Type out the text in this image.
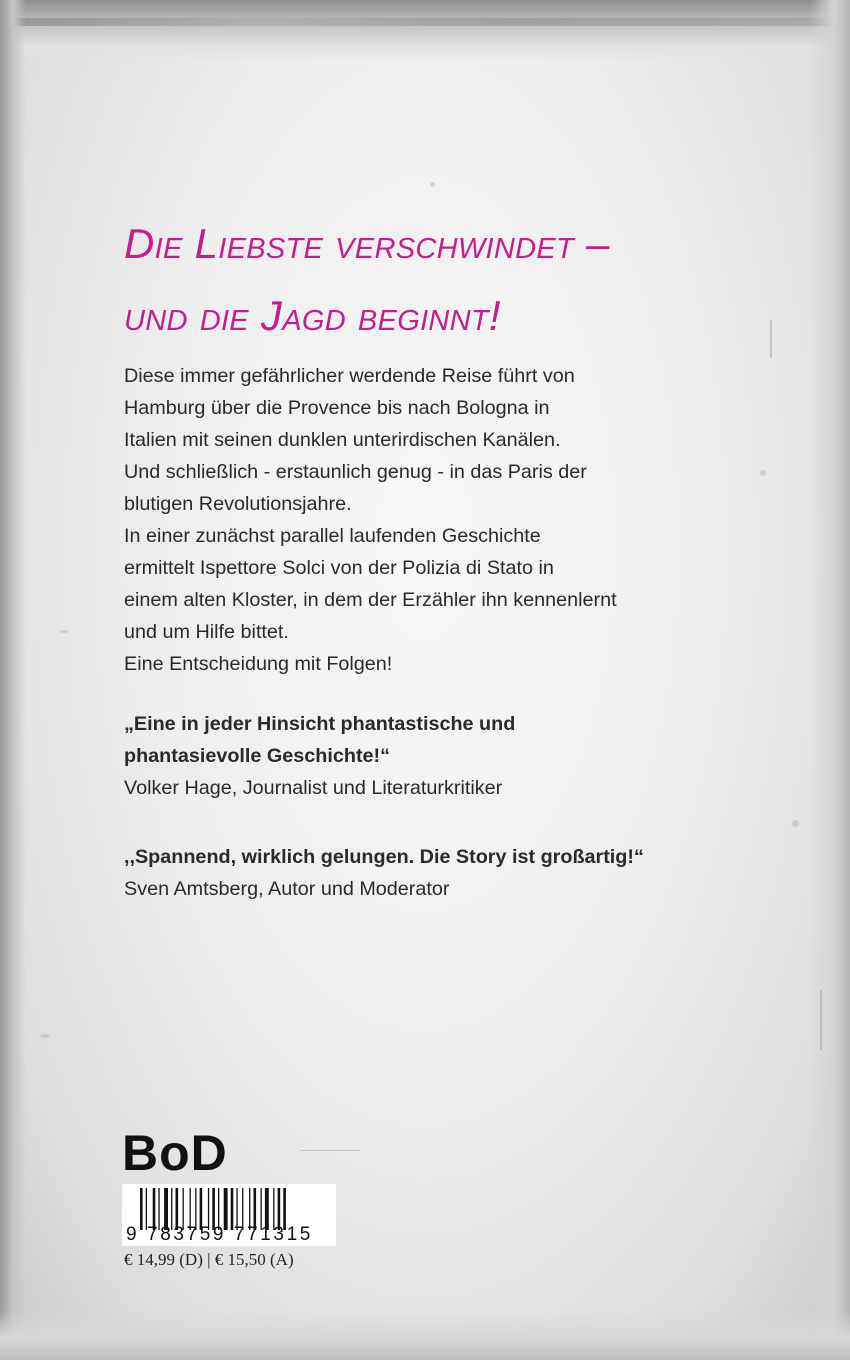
Die Liebste verschwindet –
und die Jagd beginnt!
Diese immer gefährlicher werdende Reise führt von
Hamburg über die Provence bis nach Bologna in
Italien mit seinen dunklen unterirdischen Kanälen.
Und schließlich - erstaunlich genug - in das Paris der
blutigen Revolutionsjahre.
In einer zunächst parallel laufenden Geschichte
ermittelt Ispettore Solci von der Polizia di Stato in
einem alten Kloster, in dem der Erzähler ihn kennenlernt
und um Hilfe bittet.
Eine Entscheidung mit Folgen!
„Eine in jeder Hinsicht phantastische und
phantasievolle Geschichte!“
Volker Hage, Journalist und Literaturkritiker
,,Spannend, wirklich gelungen. Die Story ist großartig!“
Sven Amtsberg, Autor und Moderator
BoD
9 783759 771315
€ 14,99 (D) | € 15,50 (A)
